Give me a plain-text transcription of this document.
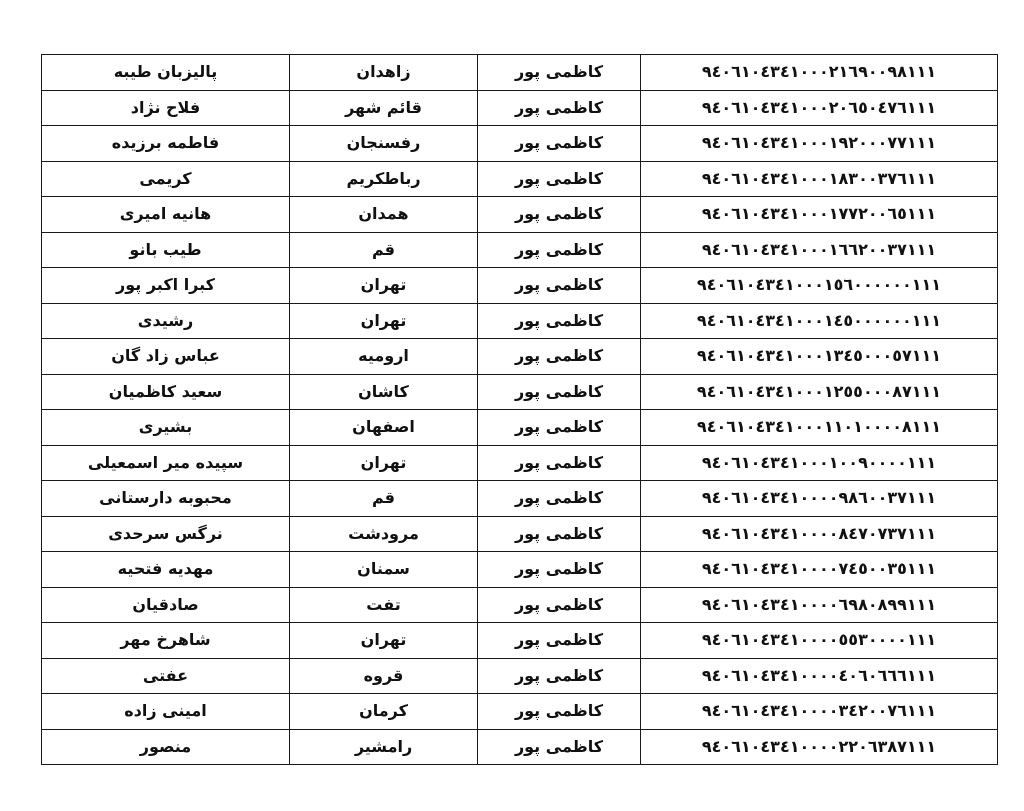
پالیزبان طیبه	زاهدان	کاظمی پور	٩٤٠٦١٠٤٣٤١٠٠٠٢١٦٩٠٠٩٨١١١
فلاح نژاد	قائم شهر	کاظمی پور	٩٤٠٦١٠٤٣٤١٠٠٠٢٠٦٥٠٤٧٦١١١
فاطمه برزیده	رفسنجان	کاظمی پور	٩٤٠٦١٠٤٣٤١٠٠٠١٩٢٠٠٠٧٧١١١
کریمی	رباطکریم	کاظمی پور	٩٤٠٦١٠٤٣٤١٠٠٠١٨٣٠٠٣٧٦١١١
هانیه امیری	همدان	کاظمی پور	٩٤٠٦١٠٤٣٤١٠٠٠١٧٧٢٠٠٦٥١١١
طیب بانو	قم	کاظمی پور	٩٤٠٦١٠٤٣٤١٠٠٠١٦٦٢٠٠٣٧١١١
کبرا اکبر پور	تهران	کاظمی پور	٩٤٠٦١٠٤٣٤١٠٠٠١٥٦٠٠٠٠٠٠١١١
رشیدی	تهران	کاظمی پور	٩٤٠٦١٠٤٣٤١٠٠٠١٤٥٠٠٠٠٠٠١١١
عباس زاد گان	ارومیه	کاظمی پور	٩٤٠٦١٠٤٣٤١٠٠٠١٣٤٥٠٠٠٥٧١١١
سعید کاظمیان	کاشان	کاظمی پور	٩٤٠٦١٠٤٣٤١٠٠٠١٢٥٥٠٠٠٨٧١١١
بشیری	اصفهان	کاظمی پور	٩٤٠٦١٠٤٣٤١٠٠٠١١٠١٠٠٠٠٨١١١
سپیده میر اسمعیلی	تهران	کاظمی پور	٩٤٠٦١٠٤٣٤١٠٠٠١٠٠٩٠٠٠٠١١١
محبوبه دارستانی	قم	کاظمی پور	٩٤٠٦١٠٤٣٤١٠٠٠٠٩٨٦٠٠٣٧١١١
نرگس سرحدی	مرودشت	کاظمی پور	٩٤٠٦١٠٤٣٤١٠٠٠٠٨٤٧٠٧٣٧١١١
مهدیه فتحیه	سمنان	کاظمی پور	٩٤٠٦١٠٤٣٤١٠٠٠٠٧٤٥٠٠٣٥١١١
صادقیان	تفت	کاظمی پور	٩٤٠٦١٠٤٣٤١٠٠٠٠٦٩٨٠٨٩٩١١١
شاهرخ مهر	تهران	کاظمی پور	٩٤٠٦١٠٤٣٤١٠٠٠٠٥٥٣٠٠٠٠١١١
عفتی	قروه	کاظمی پور	٩٤٠٦١٠٤٣٤١٠٠٠٠٤٠٦٠٦٦٦١١١
امینی زاده	کرمان	کاظمی پور	٩٤٠٦١٠٤٣٤١٠٠٠٠٣٤٢٠٠٧٦١١١
منصور	رامشیر	کاظمی پور	٩٤٠٦١٠٤٣٤١٠٠٠٠٢٢٠٦٣٨٧١١١
